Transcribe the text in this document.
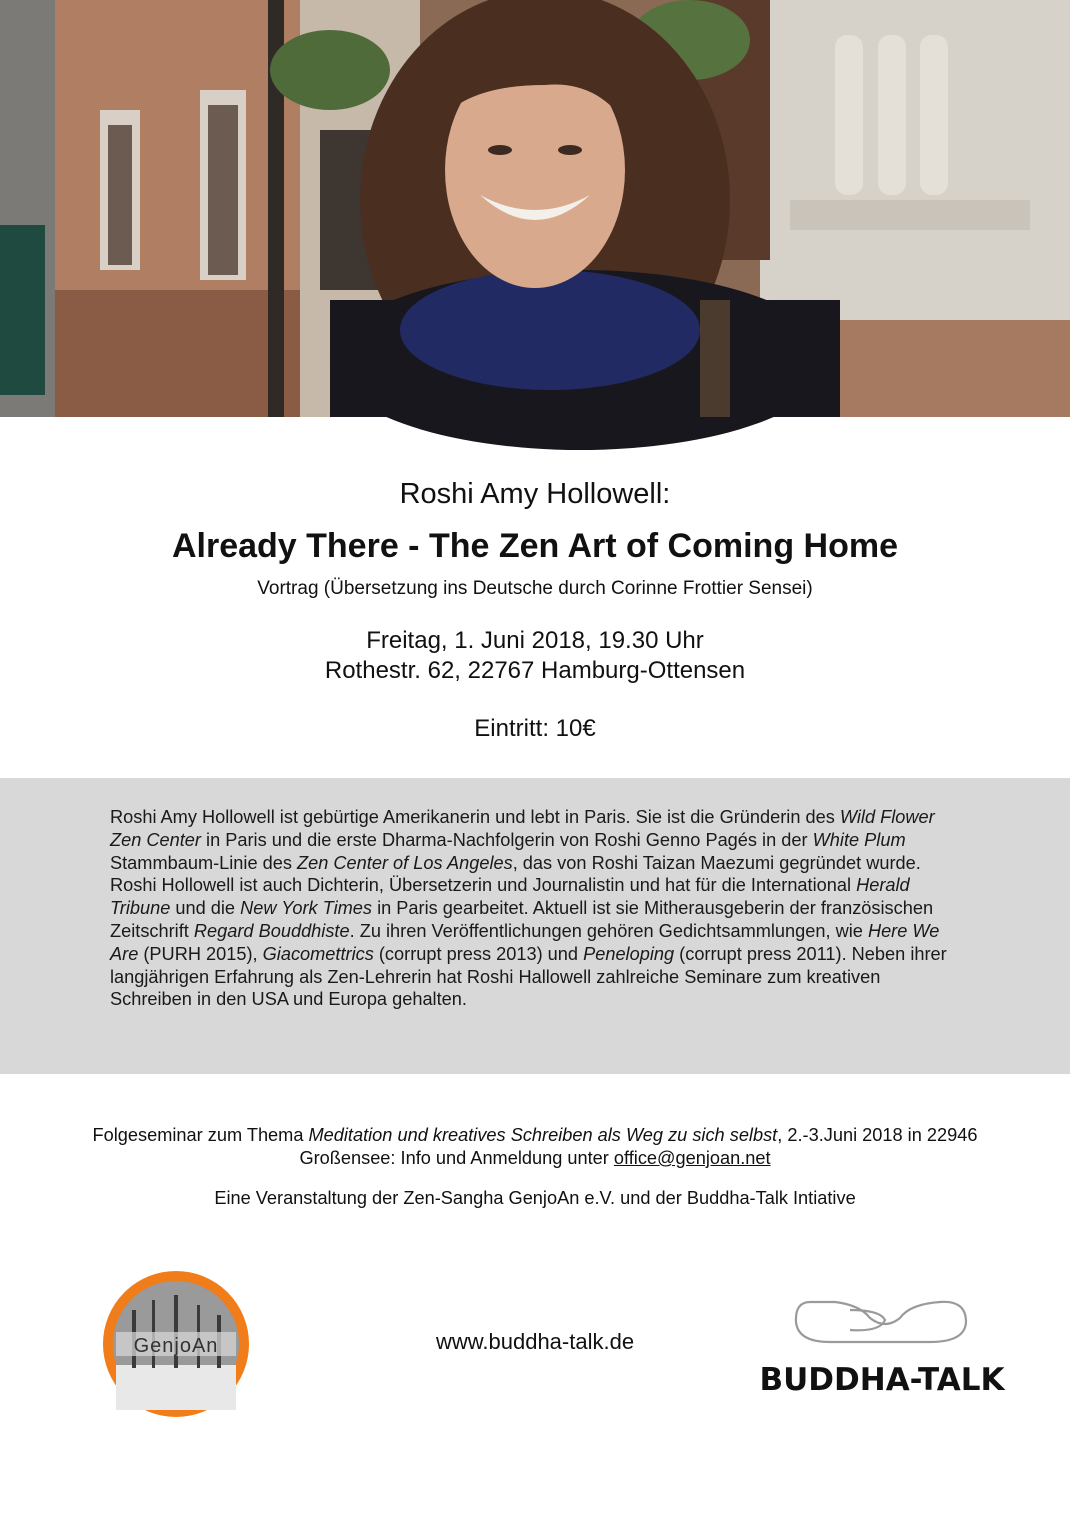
Roshi Amy Hollowell:
Already There - The Zen Art of Coming Home
Vortrag (Übersetzung ins Deutsche durch Corinne Frottier Sensei)
Freitag, 1. Juni 2018, 19.30 Uhr
Rothestr. 62, 22767 Hamburg-Ottensen
Eintritt: 10€
Roshi Amy Hollowell ist gebürtige Amerikanerin und lebt in Paris. Sie ist die Gründerin des Wild Flower Zen Center in Paris und die erste Dharma-Nachfolgerin von Roshi Genno Pagés in der White Plum Stammbaum-Linie des Zen Center of Los Angeles, das von Roshi Taizan Maezumi gegründet wurde. Roshi Hollowell ist auch Dichterin, Übersetzerin und Journalistin und hat für die International Herald Tribune und die New York Times in Paris gearbeitet. Aktuell ist sie Mitherausgeberin der französischen Zeitschrift Regard Bouddhiste. Zu ihren Veröffentlichungen gehören Gedichtsammlungen, wie Here We Are (PURH 2015), Giacomettrics (corrupt press 2013) und Peneloping (corrupt press 2011). Neben ihrer langjährigen Erfahrung als Zen-Lehrerin hat Roshi Hallowell zahlreiche Seminare zum kreativen Schreiben in den USA und Europa gehalten.
Folgeseminar zum Thema Meditation und kreatives Schreiben als Weg zu sich selbst, 2.-3.Juni 2018 in 22946 Großensee: Info und Anmeldung unter office@genjoan.net
Eine Veranstaltung der Zen-Sangha GenjoAn e.V. und der Buddha-Talk Intiative
GenjoAn	www.buddha-talk.de
BUDDHA-TALK
